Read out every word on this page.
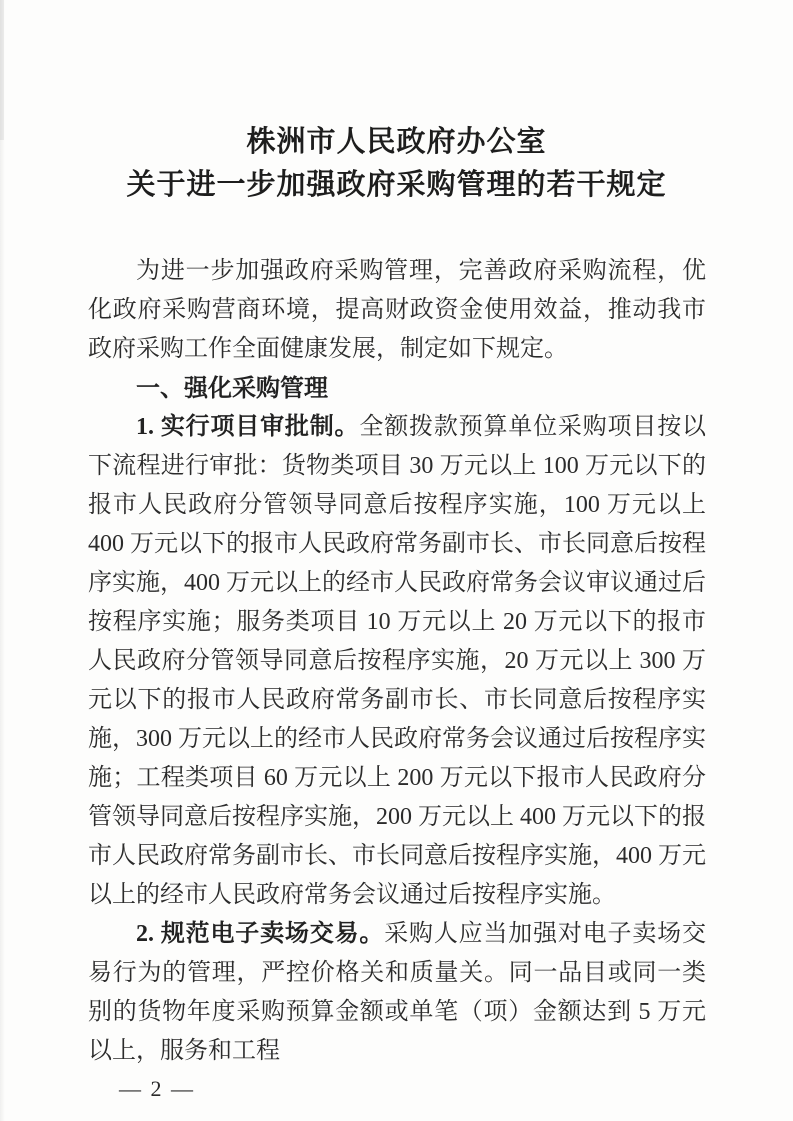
株洲市人民政府办公室
关于进一步加强政府采购管理的若干规定

为进一步加强政府采购管理，完善政府采购流程，优化政府采购营商环境，提高财政资金使用效益，推动我市政府采购工作全面健康发展，制定如下规定。

一、强化采购管理

1. 实行项目审批制。全额拨款预算单位采购项目按以下流程进行审批：货物类项目 30 万元以上 100 万元以下的报市人民政府分管领导同意后按程序实施，100 万元以上 400 万元以下的报市人民政府常务副市长、市长同意后按程序实施，400 万元以上的经市人民政府常务会议审议通过后按程序实施；服务类项目 10 万元以上 20 万元以下的报市人民政府分管领导同意后按程序实施，20 万元以上 300 万元以下的报市人民政府常务副市长、市长同意后按程序实施，300 万元以上的经市人民政府常务会议通过后按程序实施；工程类项目 60 万元以上 200 万元以下报市人民政府分管领导同意后按程序实施，200 万元以上 400 万元以下的报市人民政府常务副市长、市长同意后按程序实施，400 万元以上的经市人民政府常务会议通过后按程序实施。

2. 规范电子卖场交易。采购人应当加强对电子卖场交易行为的管理，严控价格关和质量关。同一品目或同一类别的货物年度采购预算金额或单笔（项）金额达到 5 万元以上，服务和工程

— 2 —
